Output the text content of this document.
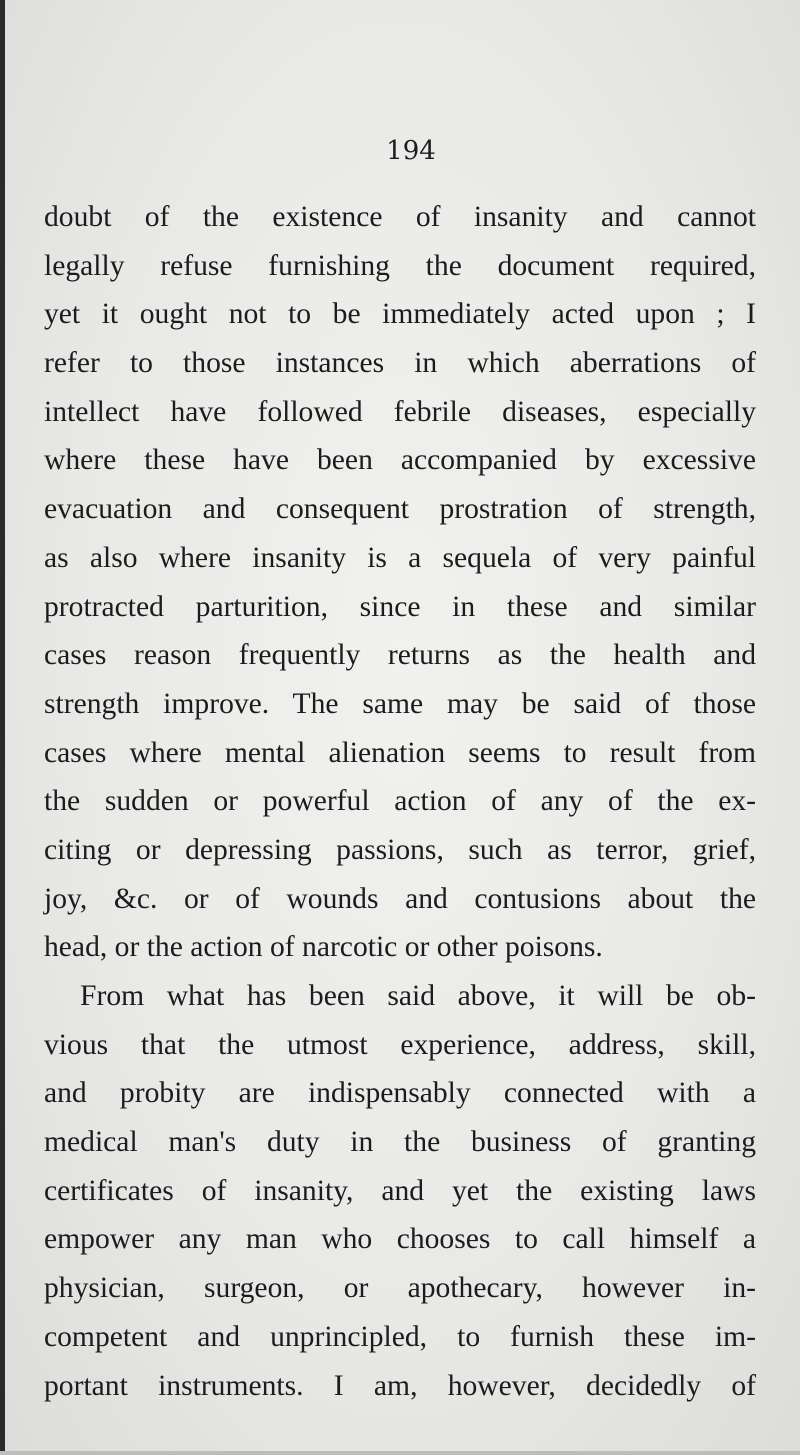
194
doubt of the existence of insanity and cannot
legally refuse furnishing the document required,
yet it ought not to be immediately acted upon ; I
refer to those instances in which aberrations of
intellect have followed febrile diseases, especially
where these have been accompanied by excessive
evacuation and consequent prostration of strength,
as also where insanity is a sequela of very painful
protracted parturition, since in these and similar
cases reason frequently returns as the health and
strength improve. The same may be said of those
cases where mental alienation seems to result from
the sudden or powerful action of any of the ex-
citing or depressing passions, such as terror, grief,
joy, &c. or of wounds and contusions about the
head, or the action of narcotic or other poisons.
From what has been said above, it will be ob-
vious that the utmost experience, address, skill,
and probity are indispensably connected with a
medical man's duty in the business of granting
certificates of insanity, and yet the existing laws
empower any man who chooses to call himself a
physician, surgeon, or apothecary, however in-
competent and unprincipled, to furnish these im-
portant instruments. I am, however, decidedly of
